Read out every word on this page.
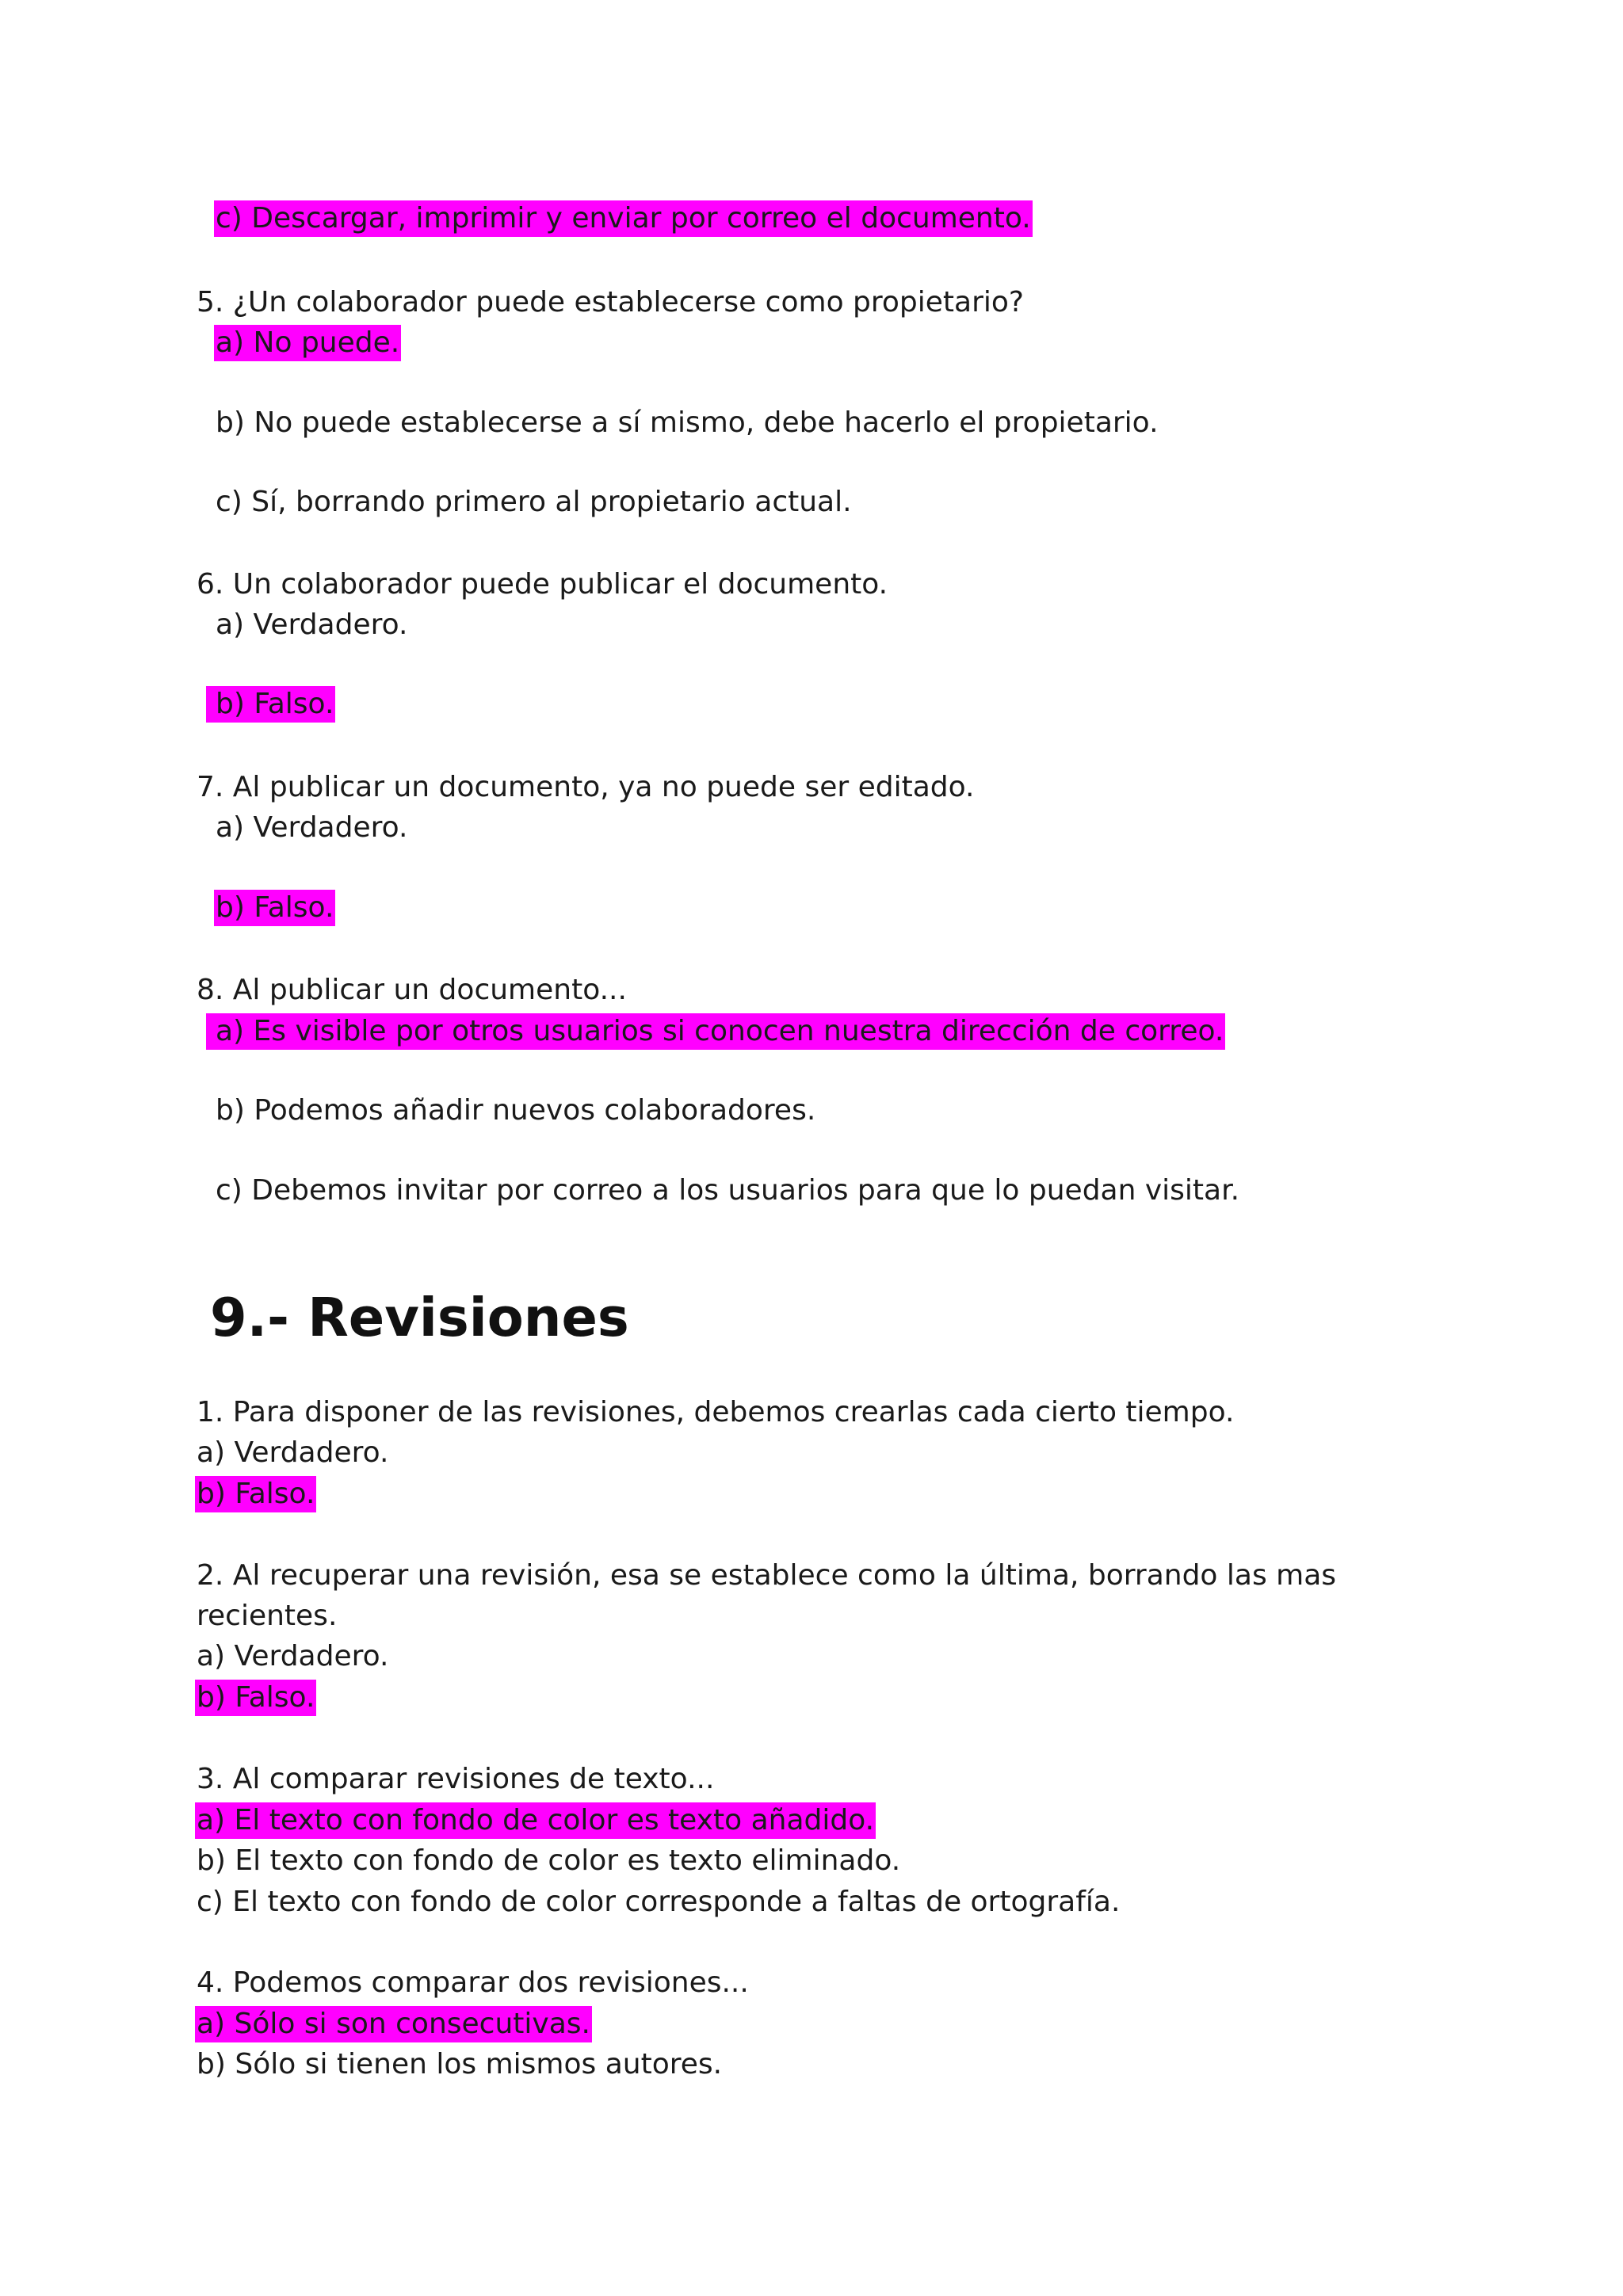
c) Descargar, imprimir y enviar por correo el documento.

5. ¿Un colaborador puede establecerse como propietario?

a) No puede.

b) No puede establecerse a sí mismo, debe hacerlo el propietario.

c) Sí, borrando primero al propietario actual.

6. Un colaborador puede publicar el documento.

a) Verdadero.

b) Falso.

7. Al publicar un documento, ya no puede ser editado.

a) Verdadero.

b) Falso.

8. Al publicar un documento...

a) Es visible por otros usuarios si conocen nuestra dirección de correo.

b) Podemos añadir nuevos colaboradores.

c) Debemos invitar por correo a los usuarios para que lo puedan visitar.

9.- Revisiones

1. Para disponer de las revisiones, debemos crearlas cada cierto tiempo.

a) Verdadero.

b) Falso.

2. Al recuperar una revisión, esa se establece como la última, borrando las mas

recientes.

a) Verdadero.

b) Falso.

3. Al comparar revisiones de texto...

a) El texto con fondo de color es texto añadido.

b) El texto con fondo de color es texto eliminado.

c) El texto con fondo de color corresponde a faltas de ortografía.

4. Podemos comparar dos revisiones...

a) Sólo si son consecutivas.

b) Sólo si tienen los mismos autores.
